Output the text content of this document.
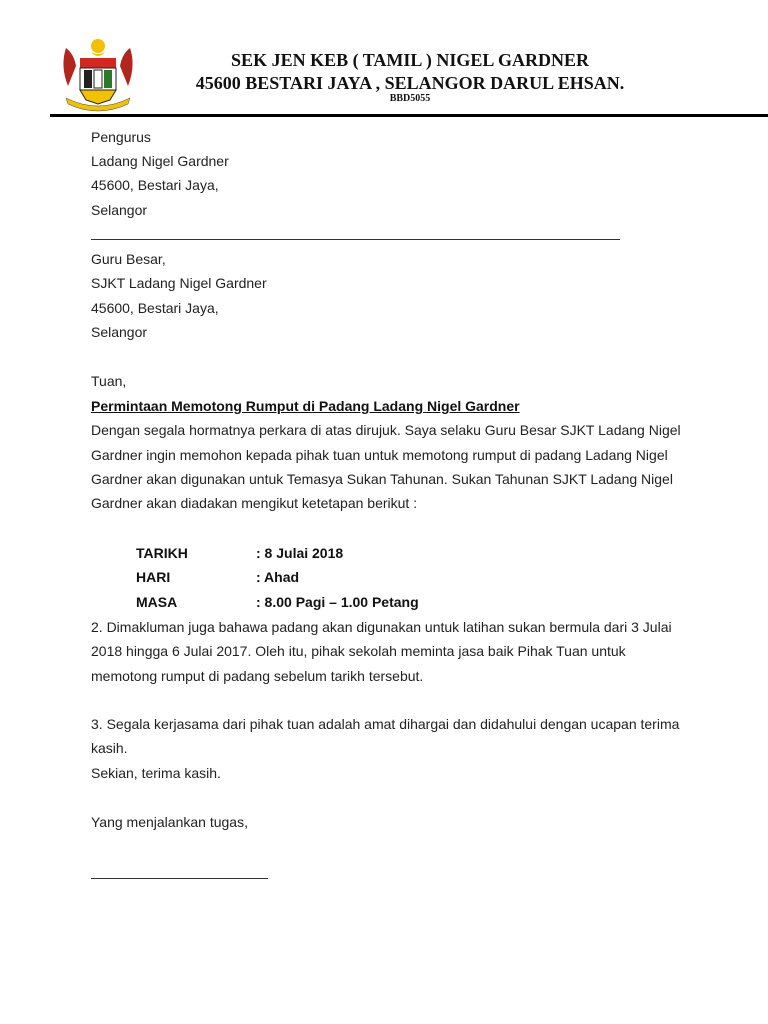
SEK JEN KEB ( TAMIL ) NIGEL GARDNER
45600 BESTARI JAYA , SELANGOR DARUL EHSAN.
BBD5055
Pengurus
Ladang Nigel Gardner
45600, Bestari Jaya,
Selangor
Guru Besar,
SJKT Ladang Nigel Gardner
45600, Bestari Jaya,
Selangor
Tuan,
Permintaan Memotong Rumput di Padang Ladang Nigel Gardner
Dengan segala hormatnya perkara di atas dirujuk. Saya selaku Guru Besar SJKT Ladang Nigel
Gardner ingin memohon kepada pihak tuan untuk memotong rumput di padang Ladang Nigel
Gardner akan digunakan untuk Temasya Sukan Tahunan. Sukan Tahunan SJKT Ladang Nigel
Gardner akan diadakan mengikut ketetapan berikut :
TARIKH	: 8 Julai 2018
HARI	: Ahad
MASA	: 8.00 Pagi – 1.00 Petang
2. Dimakluman juga bahawa padang akan digunakan untuk latihan sukan bermula dari 3 Julai
2018 hingga 6 Julai 2017. Oleh itu, pihak sekolah meminta jasa baik Pihak Tuan untuk
memotong rumput di padang sebelum tarikh tersebut.
3. Segala kerjasama dari pihak tuan adalah amat dihargai dan didahului dengan ucapan terima
kasih.
Sekian, terima kasih.
Yang menjalankan tugas,
